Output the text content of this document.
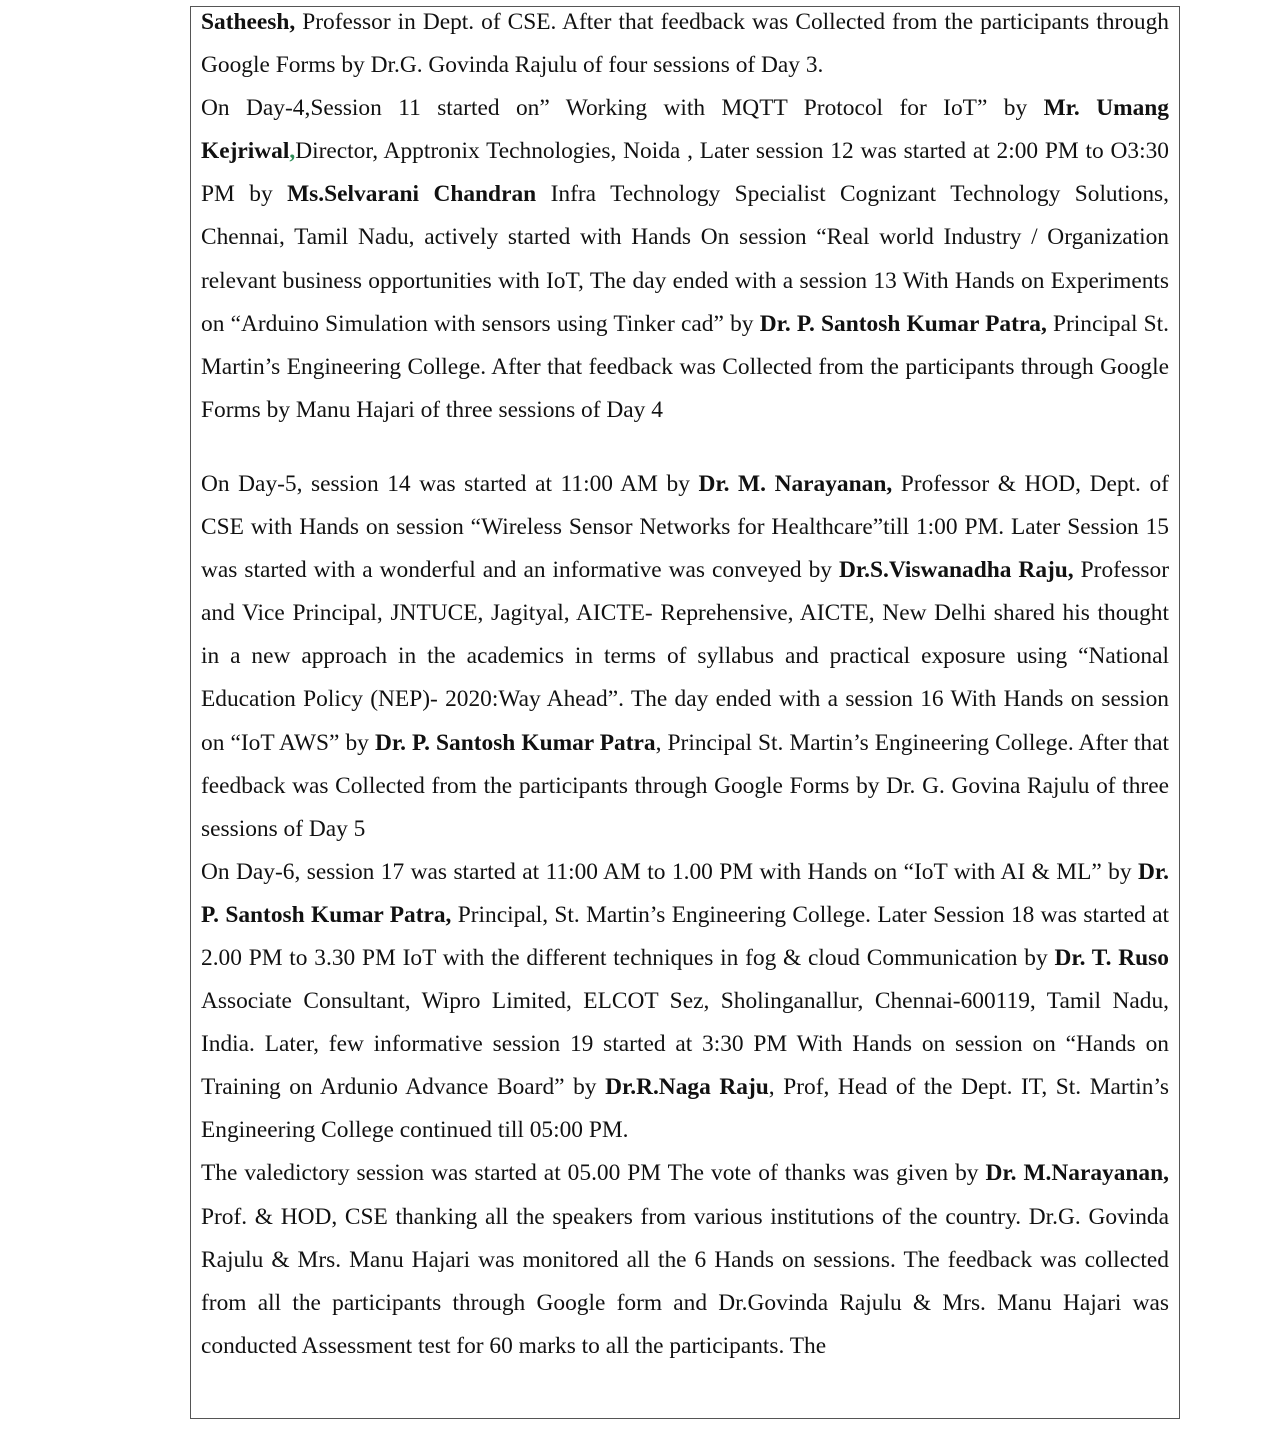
Satheesh, Professor in Dept. of CSE. After that feedback was Collected from the participants through Google Forms by Dr.G. Govinda Rajulu of four sessions of Day 3.

On Day-4,Session 11 started on” Working with MQTT Protocol for IoT” by Mr. Umang Kejriwal,Director, Apptronix Technologies, Noida , Later session 12 was started at 2:00 PM to O3:30 PM by Ms.Selvarani Chandran Infra Technology Specialist Cognizant Technology Solutions, Chennai, Tamil Nadu, actively started with Hands On session “Real world Industry / Organization relevant business opportunities with IoT, The day ended with a session 13 With Hands on Experiments on “Arduino Simulation with sensors using Tinker cad” by Dr. P. Santosh Kumar Patra, Principal St. Martin’s Engineering College. After that feedback was Collected from the participants through Google Forms by Manu Hajari of three sessions of Day 4

On Day-5, session 14 was started at 11:00 AM by Dr. M. Narayanan, Professor & HOD, Dept. of CSE with Hands on session “Wireless Sensor Networks for Healthcare”till 1:00 PM. Later Session 15 was started with a wonderful and an informative was conveyed by Dr.S.Viswanadha Raju, Professor and Vice Principal, JNTUCE, Jagityal, AICTE- Reprehensive, AICTE, New Delhi shared his thought in a new approach in the academics in terms of syllabus and practical exposure using “National Education Policy (NEP)- 2020:Way Ahead”. The day ended with a session 16 With Hands on session on “IoT AWS” by Dr. P. Santosh Kumar Patra, Principal St. Martin’s Engineering College. After that feedback was Collected from the participants through Google Forms by Dr. G. Govina Rajulu of three sessions of Day 5

On Day-6, session 17 was started at 11:00 AM to 1.00 PM with Hands on “IoT with AI & ML” by Dr. P. Santosh Kumar Patra, Principal, St. Martin’s Engineering College. Later Session 18 was started at 2.00 PM to 3.30 PM IoT with the different techniques in fog & cloud Communication by Dr. T. Ruso Associate Consultant, Wipro Limited, ELCOT Sez, Sholinganallur, Chennai-600119, Tamil Nadu, India. Later, few informative session 19 started at 3:30 PM With Hands on session on “Hands on Training on Ardunio Advance Board” by Dr.R.Naga Raju, Prof, Head of the Dept. IT, St. Martin’s Engineering College continued till 05:00 PM.

The valedictory session was started at 05.00 PM The vote of thanks was given by Dr. M.Narayanan, Prof. & HOD, CSE thanking all the speakers from various institutions of the country. Dr.G. Govinda Rajulu & Mrs. Manu Hajari was monitored all the 6 Hands on sessions. The feedback was collected from all the participants through Google form and Dr.Govinda Rajulu & Mrs. Manu Hajari was conducted Assessment test for 60 marks to all the participants. The
